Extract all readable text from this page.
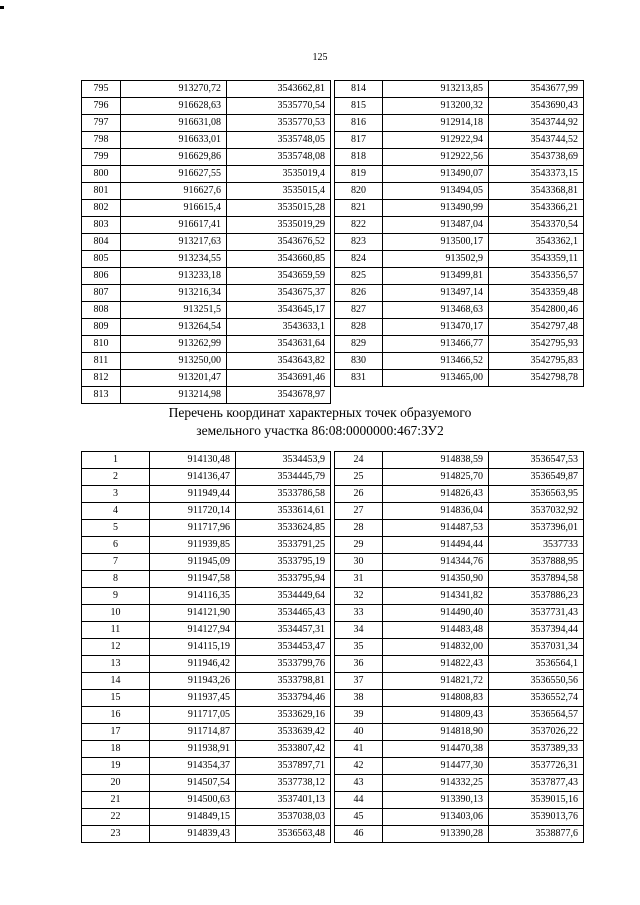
125
795	913270,72	3543662,81
796	916628,63	3535770,54
797	916631,08	3535770,53
798	916633,01	3535748,05
799	916629,86	3535748,08
800	916627,55	3535019,4
801	916627,6	3535015,4
802	916615,4	3535015,28
803	916617,41	3535019,29
804	913217,63	3543676,52
805	913234,55	3543660,85
806	913233,18	3543659,59
807	913216,34	3543675,37
808	913251,5	3543645,17
809	913264,54	3543633,1
810	913262,99	3543631,64
811	913250,00	3543643,82
812	913201,47	3543691,46
813	913214,98	3543678,97
814	913213,85	3543677,99
815	913200,32	3543690,43
816	912914,18	3543744,92
817	912922,94	3543744,52
818	912922,56	3543738,69
819	913490,07	3543373,15
820	913494,05	3543368,81
821	913490,99	3543366,21
822	913487,04	3543370,54
823	913500,17	3543362,1
824	913502,9	3543359,11
825	913499,81	3543356,57
826	913497,14	3543359,48
827	913468,63	3542800,46
828	913470,17	3542797,48
829	913466,77	3542795,93
830	913466,52	3542795,83
831	913465,00	3542798,78
Перечень координат характерных точек образуемого
земельного участка 86:08:0000000:467:ЗУ2
1	914130,48	3534453,9
2	914136,47	3534445,79
3	911949,44	3533786,58
4	911720,14	3533614,61
5	911717,96	3533624,85
6	911939,85	3533791,25
7	911945,09	3533795,19
8	911947,58	3533795,94
9	914116,35	3534449,64
10	914121,90	3534465,43
11	914127,94	3534457,31
12	914115,19	3534453,47
13	911946,42	3533799,76
14	911943,26	3533798,81
15	911937,45	3533794,46
16	911717,05	3533629,16
17	911714,87	3533639,42
18	911938,91	3533807,42
19	914354,37	3537897,71
20	914507,54	3537738,12
21	914500,63	3537401,13
22	914849,15	3537038,03
23	914839,43	3536563,48
24	914838,59	3536547,53
25	914825,70	3536549,87
26	914826,43	3536563,95
27	914836,04	3537032,92
28	914487,53	3537396,01
29	914494,44	3537733
30	914344,76	3537888,95
31	914350,90	3537894,58
32	914341,82	3537886,23
33	914490,40	3537731,43
34	914483,48	3537394,44
35	914832,00	3537031,34
36	914822,43	3536564,1
37	914821,72	3536550,56
38	914808,83	3536552,74
39	914809,43	3536564,57
40	914818,90	3537026,22
41	914470,38	3537389,33
42	914477,30	3537726,31
43	914332,25	3537877,43
44	913390,13	3539015,16
45	913403,06	3539013,76
46	913390,28	3538877,6
